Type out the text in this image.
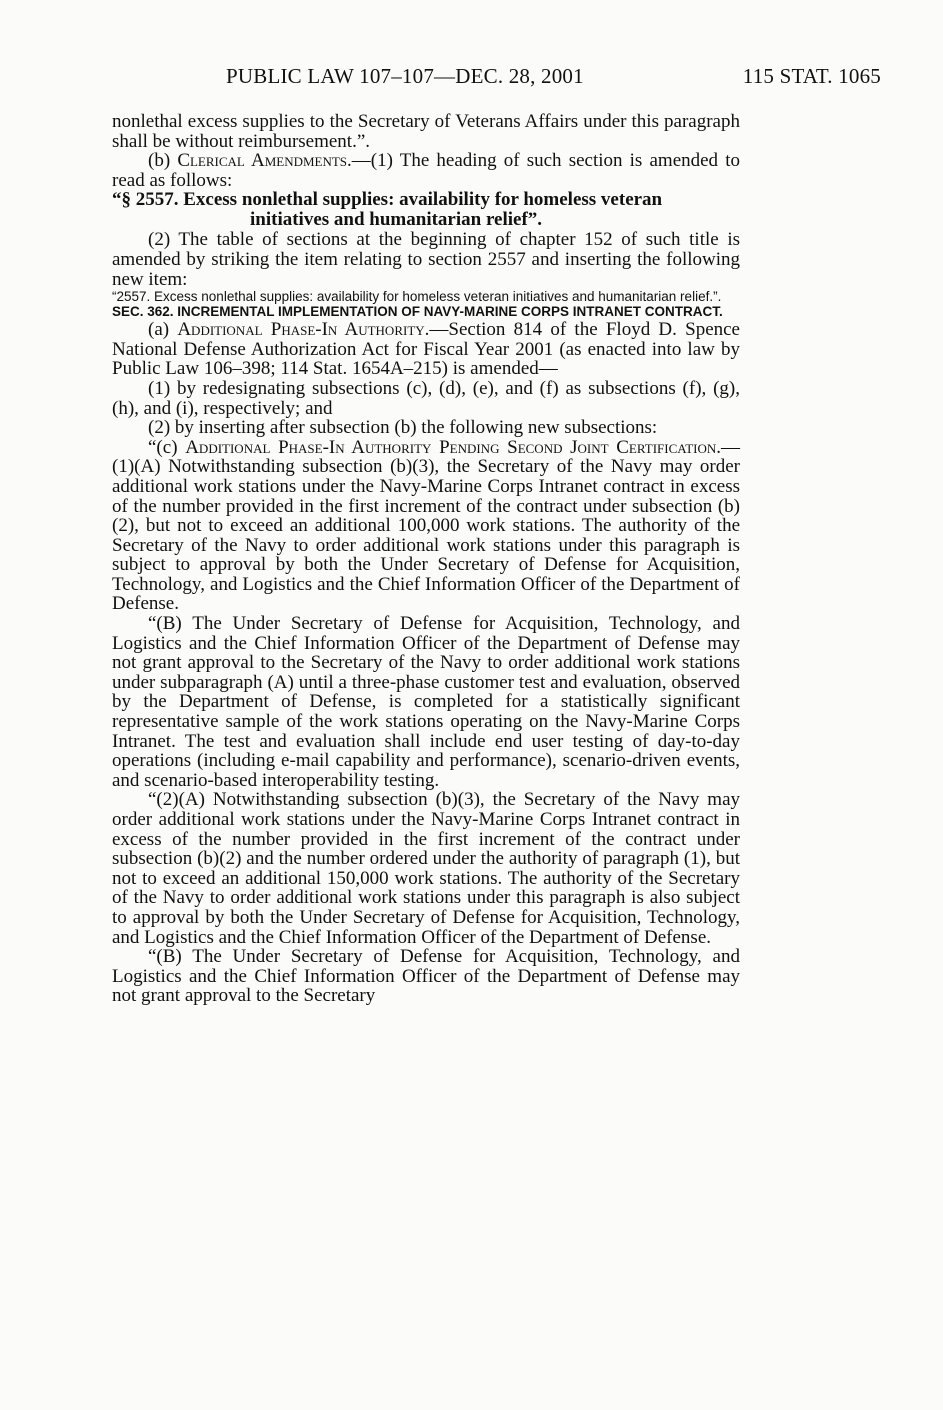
PUBLIC LAW 107–107—DEC. 28, 2001	115 STAT. 1065

nonlethal excess supplies to the Secretary of Veterans Affairs under this paragraph shall be without reimbursement.”.

(b) Clerical Amendments.—(1) The heading of such section is amended to read as follows:

“§ 2557. Excess nonlethal supplies: availability for homeless veteran initiatives and humanitarian relief”.

(2) The table of sections at the beginning of chapter 152 of such title is amended by striking the item relating to section 2557 and inserting the following new item:

“2557. Excess nonlethal supplies: availability for homeless veteran initiatives and humanitarian relief.”.

SEC. 362. INCREMENTAL IMPLEMENTATION OF NAVY-MARINE CORPS INTRANET CONTRACT.

(a) Additional Phase-In Authority.—Section 814 of the Floyd D. Spence National Defense Authorization Act for Fiscal Year 2001 (as enacted into law by Public Law 106–398; 114 Stat. 1654A–215) is amended—

(1) by redesignating subsections (c), (d), (e), and (f) as subsections (f), (g), (h), and (i), respectively; and

(2) by inserting after subsection (b) the following new subsections:

“(c) Additional Phase-In Authority Pending Second Joint Certification.—(1)(A) Notwithstanding subsection (b)(3), the Secretary of the Navy may order additional work stations under the Navy-Marine Corps Intranet contract in excess of the number provided in the first increment of the contract under subsection (b)(2), but not to exceed an additional 100,000 work stations. The authority of the Secretary of the Navy to order additional work stations under this paragraph is subject to approval by both the Under Secretary of Defense for Acquisition, Technology, and Logistics and the Chief Information Officer of the Department of Defense.

“(B) The Under Secretary of Defense for Acquisition, Technology, and Logistics and the Chief Information Officer of the Department of Defense may not grant approval to the Secretary of the Navy to order additional work stations under subparagraph (A) until a three-phase customer test and evaluation, observed by the Department of Defense, is completed for a statistically significant representative sample of the work stations operating on the Navy-Marine Corps Intranet. The test and evaluation shall include end user testing of day-to-day operations (including e-mail capability and performance), scenario-driven events, and scenario-based interoperability testing.

“(2)(A) Notwithstanding subsection (b)(3), the Secretary of the Navy may order additional work stations under the Navy-Marine Corps Intranet contract in excess of the number provided in the first increment of the contract under subsection (b)(2) and the number ordered under the authority of paragraph (1), but not to exceed an additional 150,000 work stations. The authority of the Secretary of the Navy to order additional work stations under this paragraph is also subject to approval by both the Under Secretary of Defense for Acquisition, Technology, and Logistics and the Chief Information Officer of the Department of Defense.

“(B) The Under Secretary of Defense for Acquisition, Technology, and Logistics and the Chief Information Officer of the Department of Defense may not grant approval to the Secretary
